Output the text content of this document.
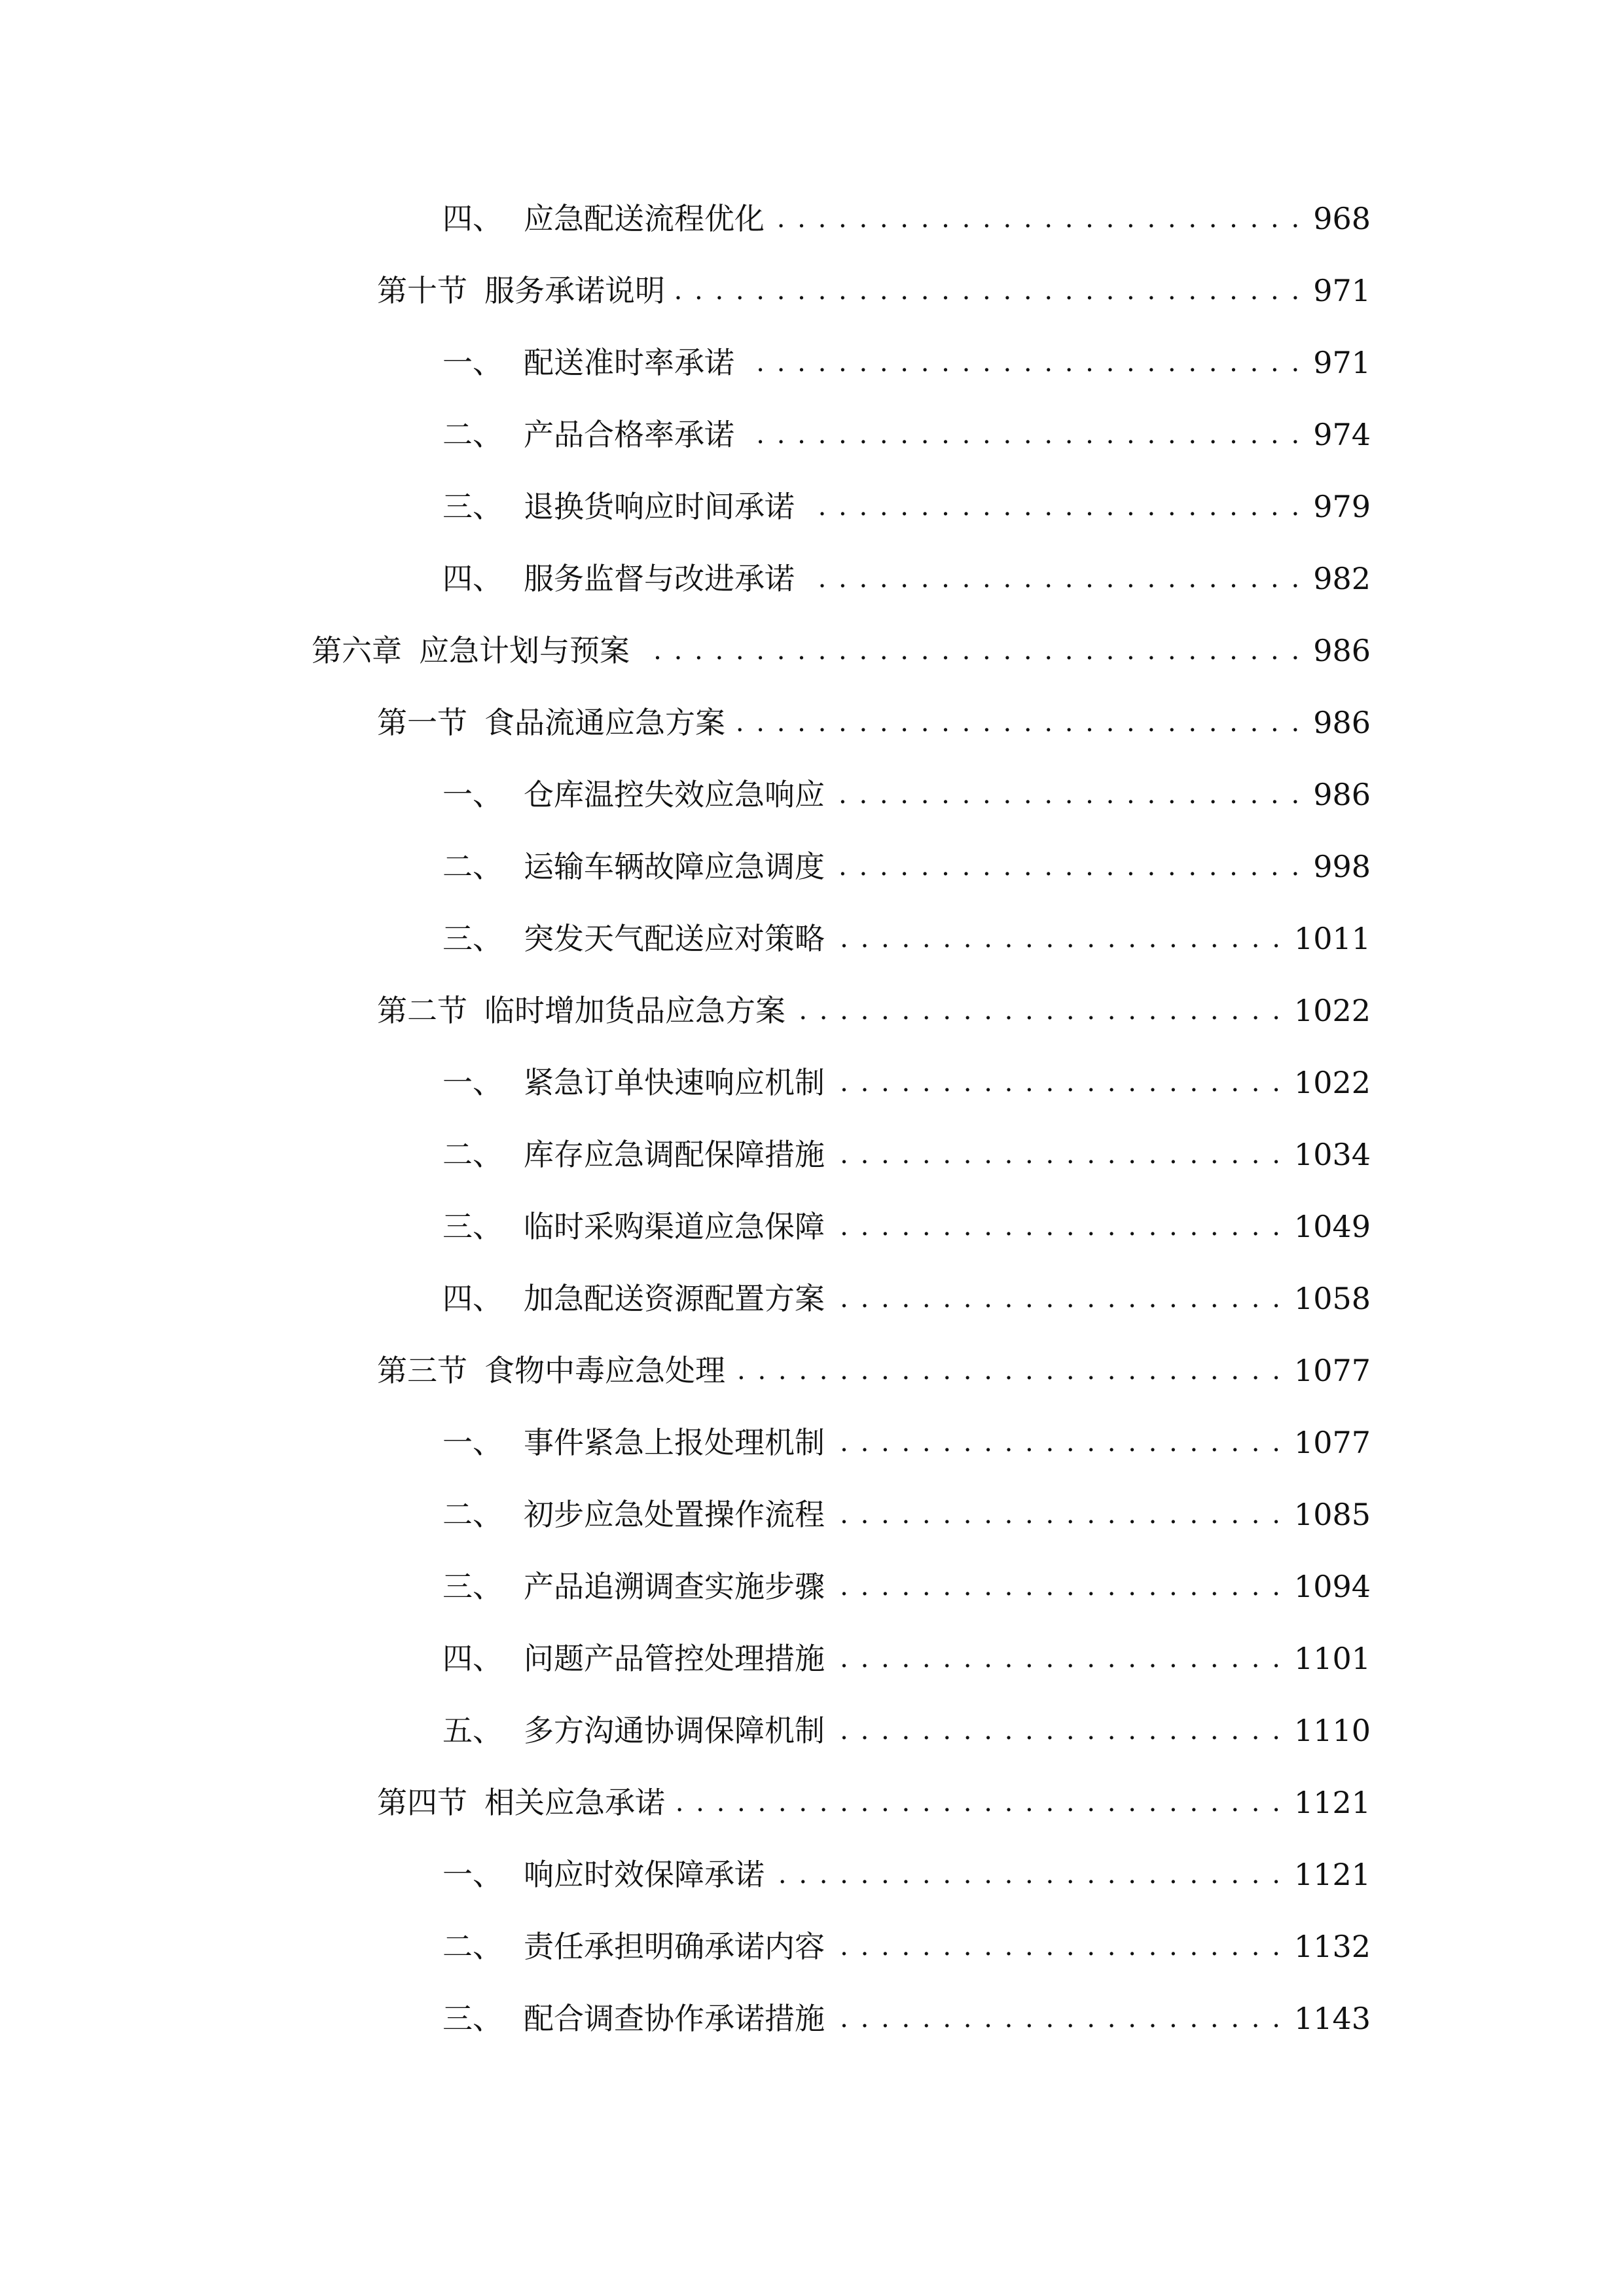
四、 应急配送流程优化 . . .	968
第十节 服务承诺说明 . . .	971
一、 配送准时率承诺 . . .	971
二、 产品合格率承诺 . . .	974
三、 退换货响应时间承诺 . . .	979
四、 服务监督与改进承诺 . . .	982
第六章 应急计划与预案 . . .	986
第一节 食品流通应急方案 . . .	986
一、 仓库温控失效应急响应 . . .	986
二、 运输车辆故障应急调度 . . .	998
三、 突发天气配送应对策略 . . .	1011
第二节 临时增加货品应急方案 . . .	1022
一、 紧急订单快速响应机制 . . .	1022
二、 库存应急调配保障措施 . . .	1034
三、 临时采购渠道应急保障 . . .	1049
四、 加急配送资源配置方案 . . .	1058
第三节 食物中毒应急处理 . . .	1077
一、 事件紧急上报处理机制 . . .	1077
二、 初步应急处置操作流程 . . .	1085
三、 产品追溯调查实施步骤 . . .	1094
四、 问题产品管控处理措施 . . .	1101
五、 多方沟通协调保障机制 . . .	1110
第四节 相关应急承诺 . . .	1121
一、 响应时效保障承诺 . . .	1121
二、 责任承担明确承诺内容 . . .	1132
三、 配合调查协作承诺措施 . . .	1143
